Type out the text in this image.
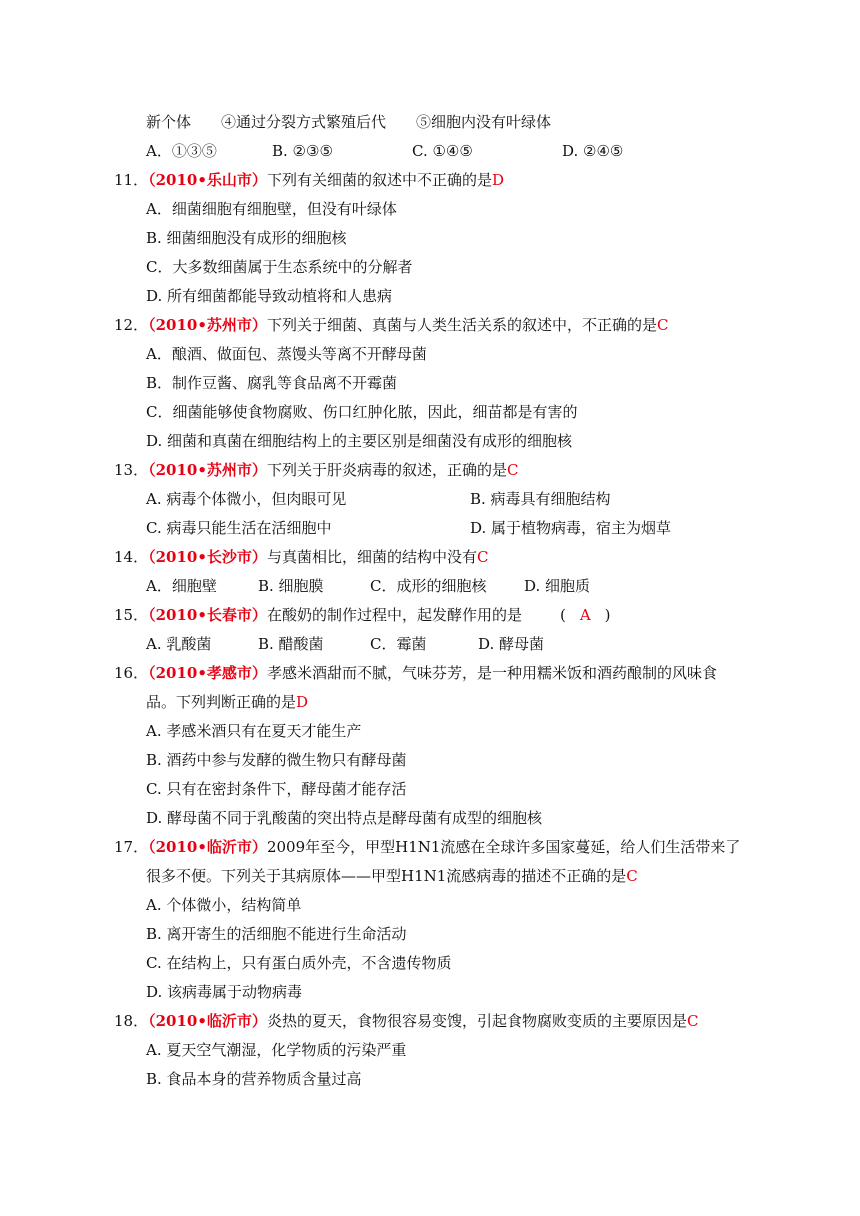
新个体　　④通过分裂方式繁殖后代　　⑤细胞内没有叶绿体
A．①③⑤	B. ②③⑤	C. ①④⑤	D. ②④⑤
11．（2010•乐山市）下列有关细菌的叙述中不正确的是D
A．细菌细胞有细胞壁，但没有叶绿体
B. 细菌细胞没有成形的细胞核
C．大多数细菌属于生态系统中的分解者
D. 所有细菌都能导致动植将和人患病
12．（2010•苏州市）下列关于细菌、真菌与人类生活关系的叙述中，不正确的是C
A．酿酒、做面包、蒸馒头等离不开酵母菌
B．制作豆酱、腐乳等食品离不开霉菌
C．细菌能够使食物腐败、伤口红肿化脓，因此，细苗都是有害的
D. 细菌和真菌在细胞结构上的主要区别是细菌没有成形的细胞核
13．（2010•苏州市）下列关于肝炎病毒的叙述，正确的是C
A. 病毒个体微小，但肉眼可见	B. 病毒具有细胞结构
C. 病毒只能生活在活细胞中	D. 属于植物病毒，宿主为烟草
14．（2010•长沙市）与真菌相比，细菌的结构中没有C
A．细胞壁	B. 细胞膜	C．成形的细胞核	D. 细胞质
15．（2010•长春市）在酸奶的制作过程中，起发酵作用的是	( A )
A. 乳酸菌	B. 醋酸菌	C．霉菌	D. 酵母菌
16．（2010•孝感市）孝感米酒甜而不腻，气味芬芳，是一种用糯米饭和酒药酿制的风味食
品。下列判断正确的是D
A. 孝感米酒只有在夏天才能生产
B. 酒药中参与发酵的微生物只有酵母菌
C. 只有在密封条件下，酵母菌才能存活
D. 酵母菌不同于乳酸菌的突出特点是酵母菌有成型的细胞核
17．（2010•临沂市）2009年至今，甲型H1N1流感在全球许多国家蔓延，给人们生活带来了
很多不便。下列关于其病原体——甲型H1N1流感病毒的描述不正确的是C
A. 个体微小，结构简单
B. 离开寄生的活细胞不能进行生命活动
C. 在结构上，只有蛋白质外壳，不含遗传物质
D. 该病毒属于动物病毒
18．（2010•临沂市）炎热的夏天，食物很容易变馊，引起食物腐败变质的主要原因是C
A. 夏天空气潮湿，化学物质的污染严重
B. 食品本身的营养物质含量过高
